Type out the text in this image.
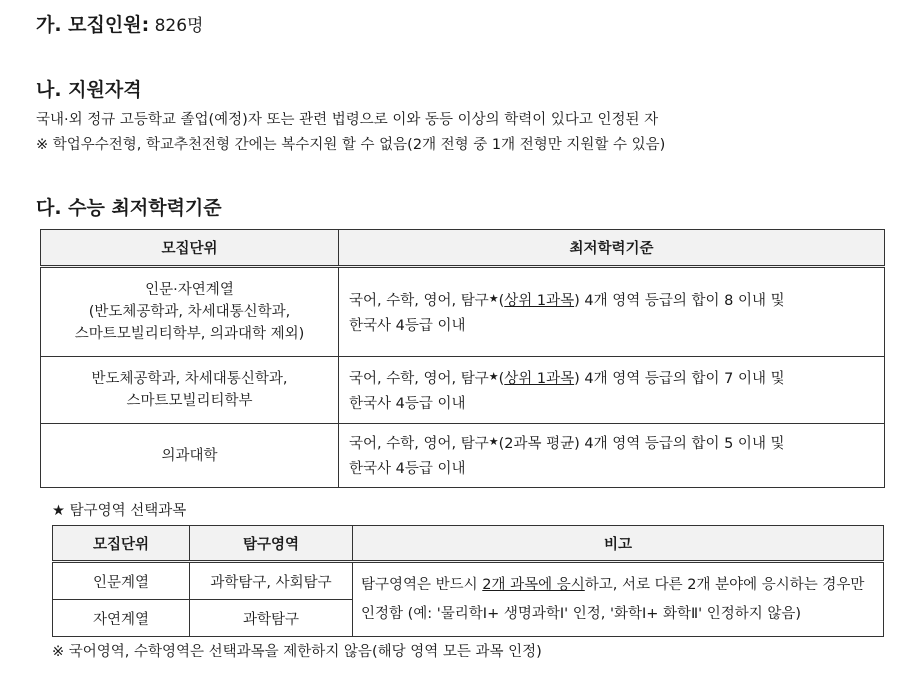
가. 모집인원: 826명
나. 지원자격
국내·외 정규 고등학교 졸업(예정)자 또는 관련 법령으로 이와 동등 이상의 학력이 있다고 인정된 자
※ 학업우수전형, 학교추천전형 간에는 복수지원 할 수 없음(2개 전형 중 1개 전형만 지원할 수 있음)
다. 수능 최저학력기준
모집단위	최저학력기준
인문·자연계열
(반도체공학과, 차세대통신학과,
스마트모빌리티학부, 의과대학 제외)	국어, 수학, 영어, 탐구★(상위 1과목) 4개 영역 등급의 합이 8 이내 및
한국사 4등급 이내
반도체공학과, 차세대통신학과,
스마트모빌리티학부	국어, 수학, 영어, 탐구★(상위 1과목) 4개 영역 등급의 합이 7 이내 및
한국사 4등급 이내
의과대학	국어, 수학, 영어, 탐구★(2과목 평균) 4개 영역 등급의 합이 5 이내 및
한국사 4등급 이내
★ 탐구영역 선택과목
모집단위	탐구영역	비고
인문계열	과학탐구, 사회탐구	탐구영역은 반드시 2개 과목에 응시하고, 서로 다른 2개 분야에 응시하는 경우만
인정함 (예: '물리학Ⅰ+ 생명과학Ⅰ' 인정, '화학Ⅰ+ 화학Ⅱ' 인정하지 않음)
자연계열	과학탐구	
※ 국어영역, 수학영역은 선택과목을 제한하지 않음(해당 영역 모든 과목 인정)
